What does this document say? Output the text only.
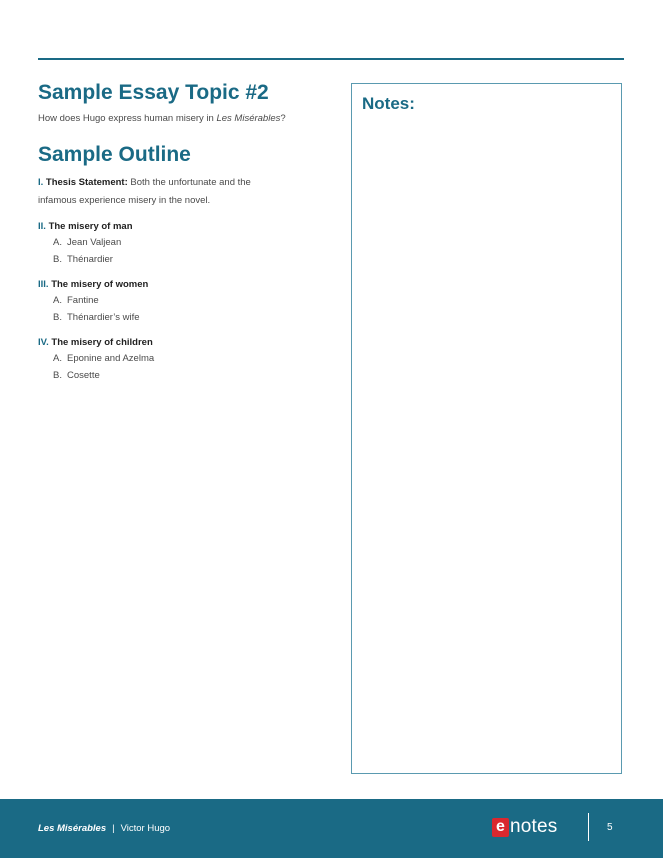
Sample Essay Topic #2

How does Hugo express human misery in Les Misérables?

Sample Outline
I. Thesis Statement: Both the unfortunate and the
infamous experience misery in the novel.
II. The misery of man
A. Jean Valjean
B. Thénardier
III. The misery of women
A. Fantine
B. Thénardier’s wife
IV. The misery of children
A. Eponine and Azelma
B. Cosette
Notes:
Les Misérables | Victor Hugo	e notes	5
